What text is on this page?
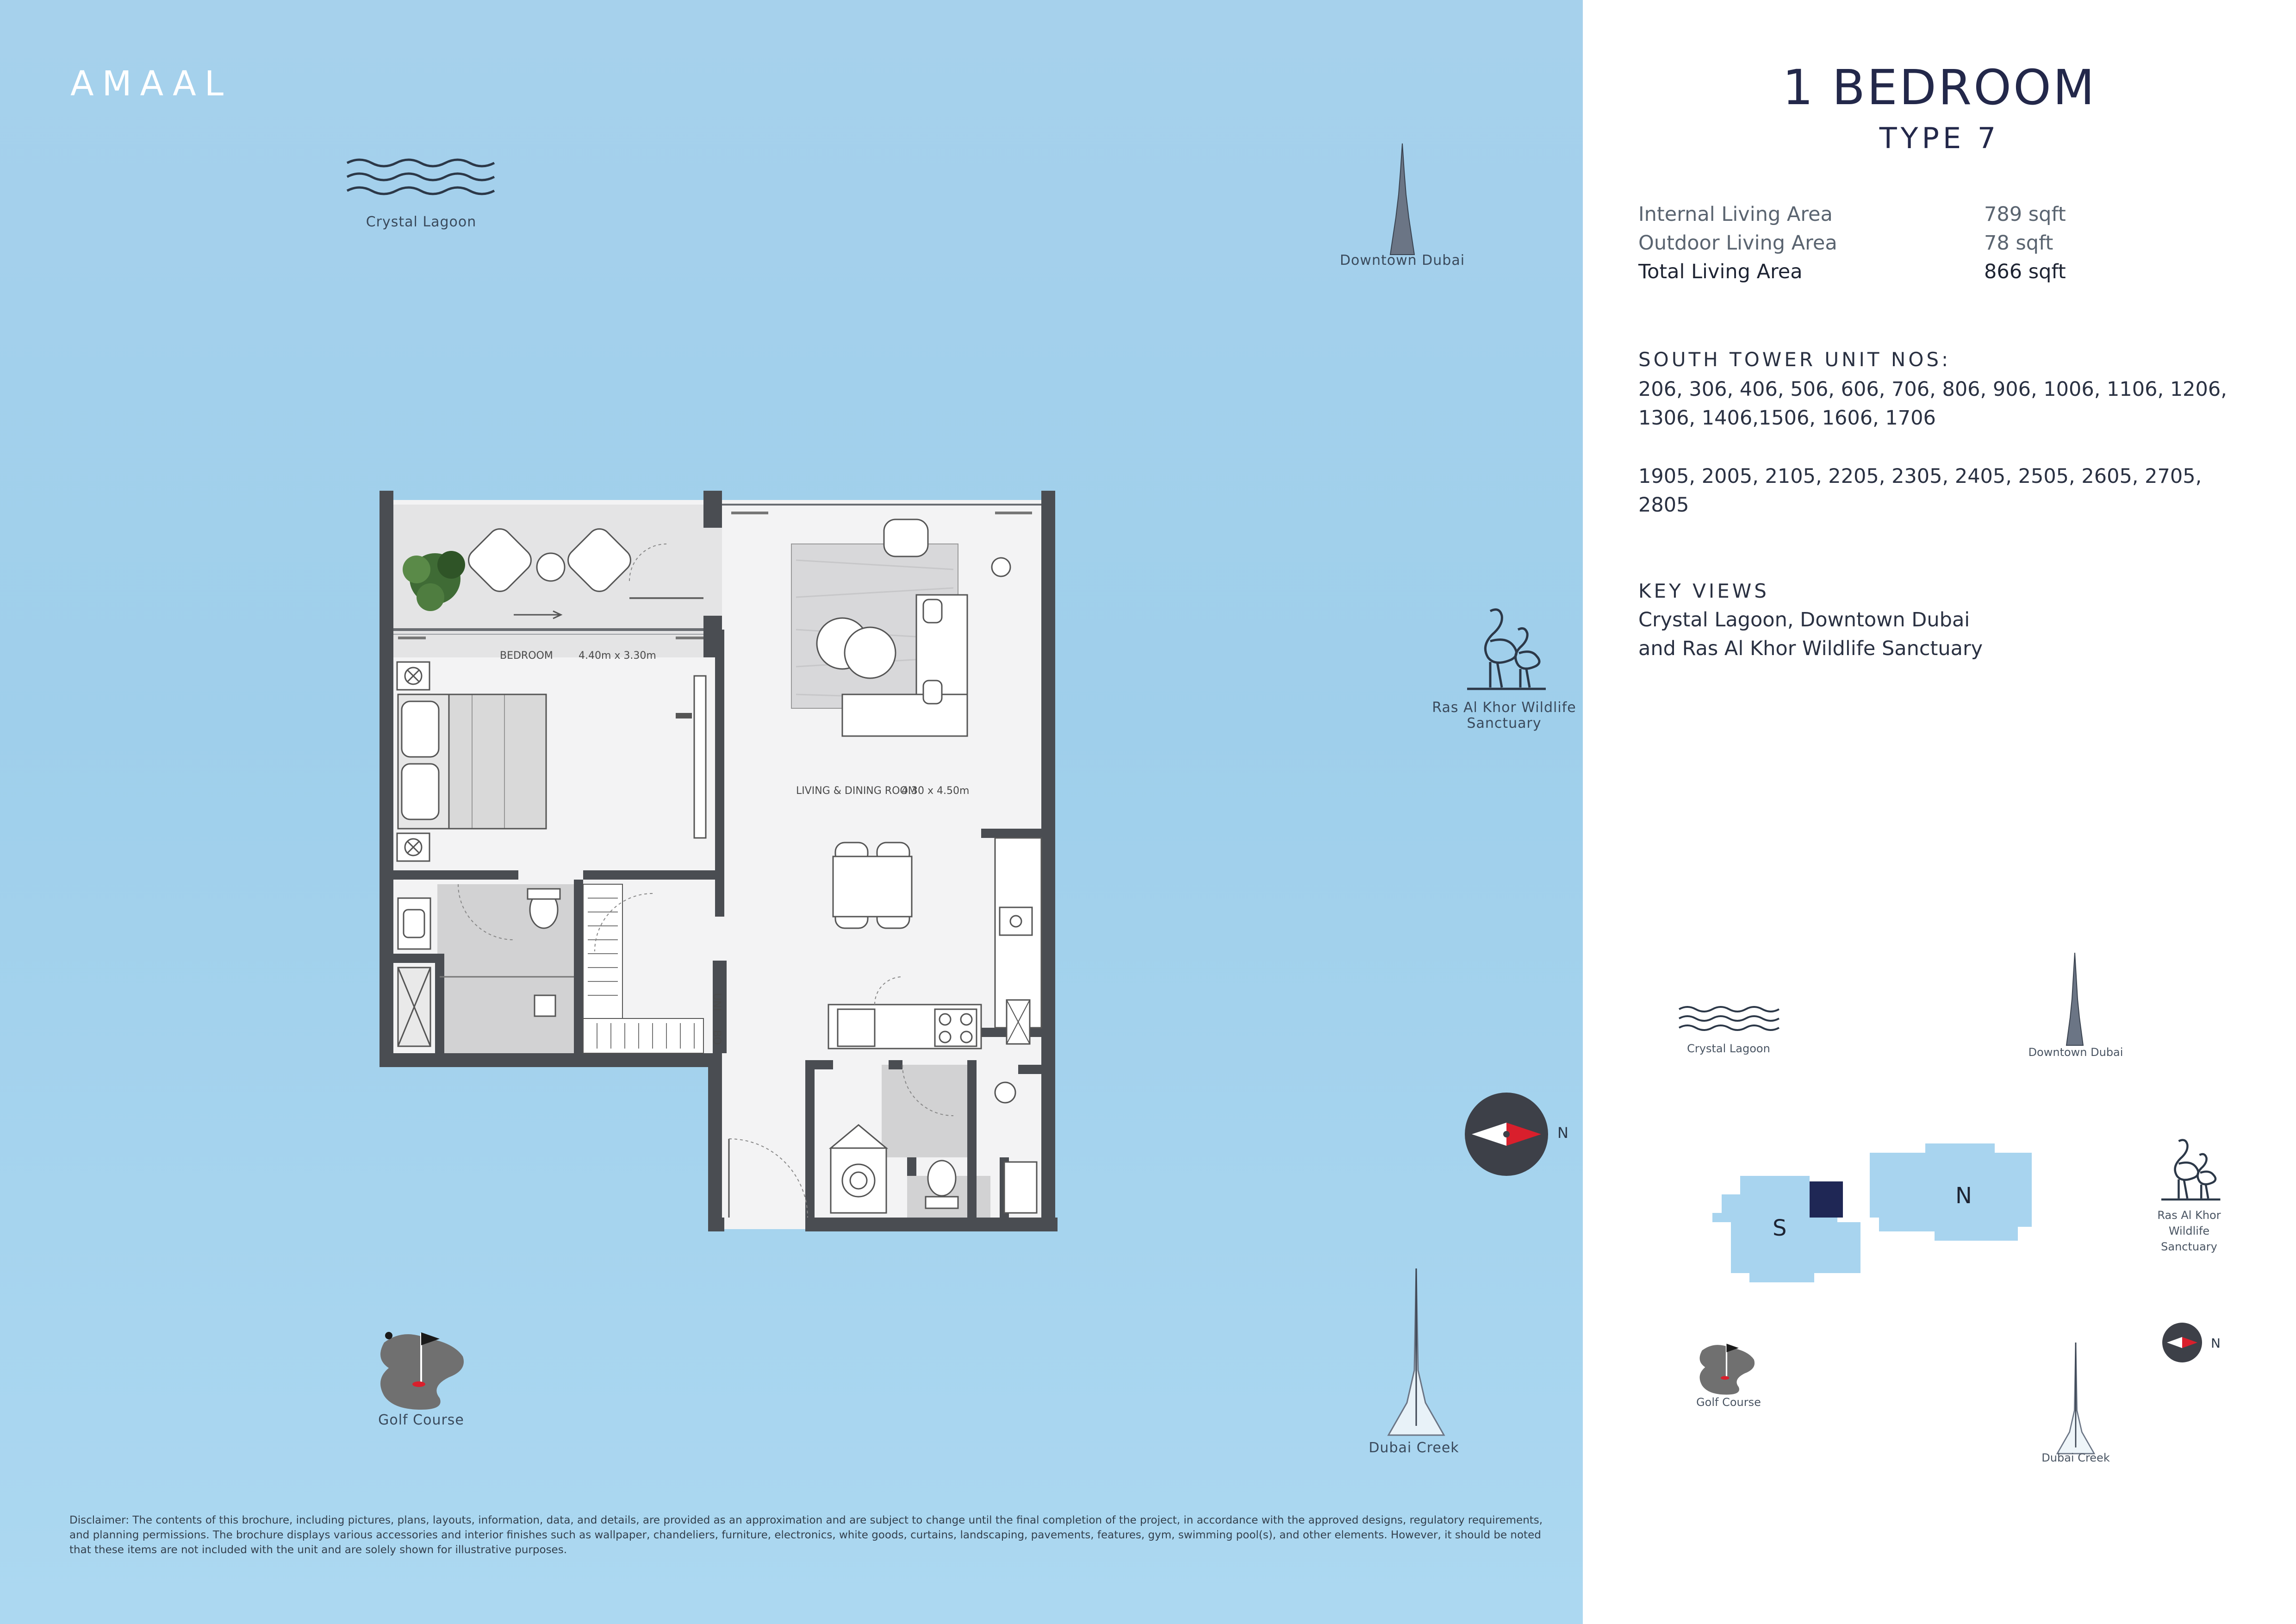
AMAAL
Crystal Lagoon
Downtown Dubai
Ras Al Khor Wildlife Sanctuary
N
Golf Course
Dubai Creek
BEDROOM	4.40m x 3.30m
UNI
BO
LIVING & DINING ROOM
4.30 x 4.50m
Disclaimer: The contents of this brochure, including pictures, plans, layouts, information, data, and details, are provided as an approximation and are subject to change until the final completion of the project, in accordance with the approved designs, regulatory requirements, and planning permissions. The brochure displays various accessories and interior finishes such as wallpaper, chandeliers, furniture, electronics, white goods, curtains, landscaping, pavements, features, gym, swimming pool(s), and other elements. However, it should be noted that these items are not included with the unit and are solely shown for illustrative purposes.
1 BEDROOM
TYPE 7
Internal Living Area	789 sqft
Outdoor Living Area	78 sqft
Total Living Area	866 sqft
SOUTH TOWER UNIT NOS:
206, 306, 406, 506, 606, 706, 806, 906, 1006, 1106, 1206, 1306, 1406,1506, 1606, 1706
1905, 2005, 2105, 2205, 2305, 2405, 2505, 2605, 2705, 2805
KEY VIEWS
Crystal Lagoon, Downtown Dubai and Ras Al Khor Wildlife Sanctuary
Crystal Lagoon	Downtown Dubai
Ras Al Khor Wildlife Sanctuary
S
N
N
Golf Course
Dubai Creek
